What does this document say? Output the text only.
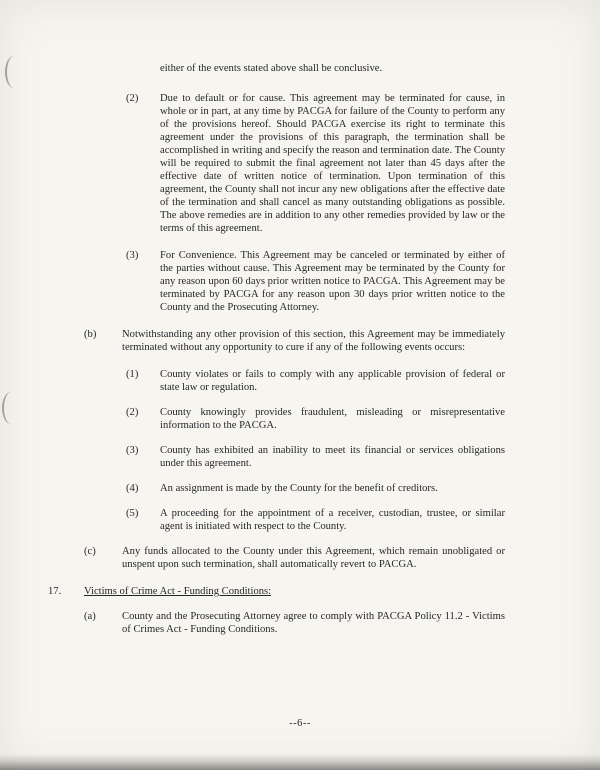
either of the events stated above shall be conclusive.
(2)	Due to default or for cause. This agreement may be terminated for cause, in whole or in part, at any time by PACGA for failure of the County to perform any of the provisions hereof. Should PACGA exercise its right to terminate this agreement under the provisions of this paragraph, the termination shall be accomplished in writing and specify the reason and termination date. The County will be required to submit the final agreement not later than 45 days after the effective date of written notice of termination. Upon termination of this agreement, the County shall not incur any new obligations after the effective date of the termination and shall cancel as many outstanding obligations as possible. The above remedies are in addition to any other remedies provided by law or the terms of this agreement.
(3)	For Convenience. This Agreement may be canceled or terminated by either of the parties without cause. This Agreement may be terminated by the County for any reason upon 60 days prior written notice to PACGA. This Agreement may be terminated by PACGA for any reason upon 30 days prior written notice to the County and the Prosecuting Attorney.
(b)	Notwithstanding any other provision of this section, this Agreement may be immediately terminated without any opportunity to cure if any of the following events occurs:
(1)	County violates or fails to comply with any applicable provision of federal or state law or regulation.
(2)	County knowingly provides fraudulent, misleading or misrepresentative information to the PACGA.
(3)	County has exhibited an inability to meet its financial or services obligations under this agreement.
(4)	An assignment is made by the County for the benefit of creditors.
(5)	A proceeding for the appointment of a receiver, custodian, trustee, or similar agent is initiated with respect to the County.
(c)	Any funds allocated to the County under this Agreement, which remain unobligated or unspent upon such termination, shall automatically revert to PACGA.
17.	Victims of Crime Act - Funding Conditions:
(a)	County and the Prosecuting Attorney agree to comply with PACGA Policy 11.2 - Victims of Crimes Act - Funding Conditions.
--6--
